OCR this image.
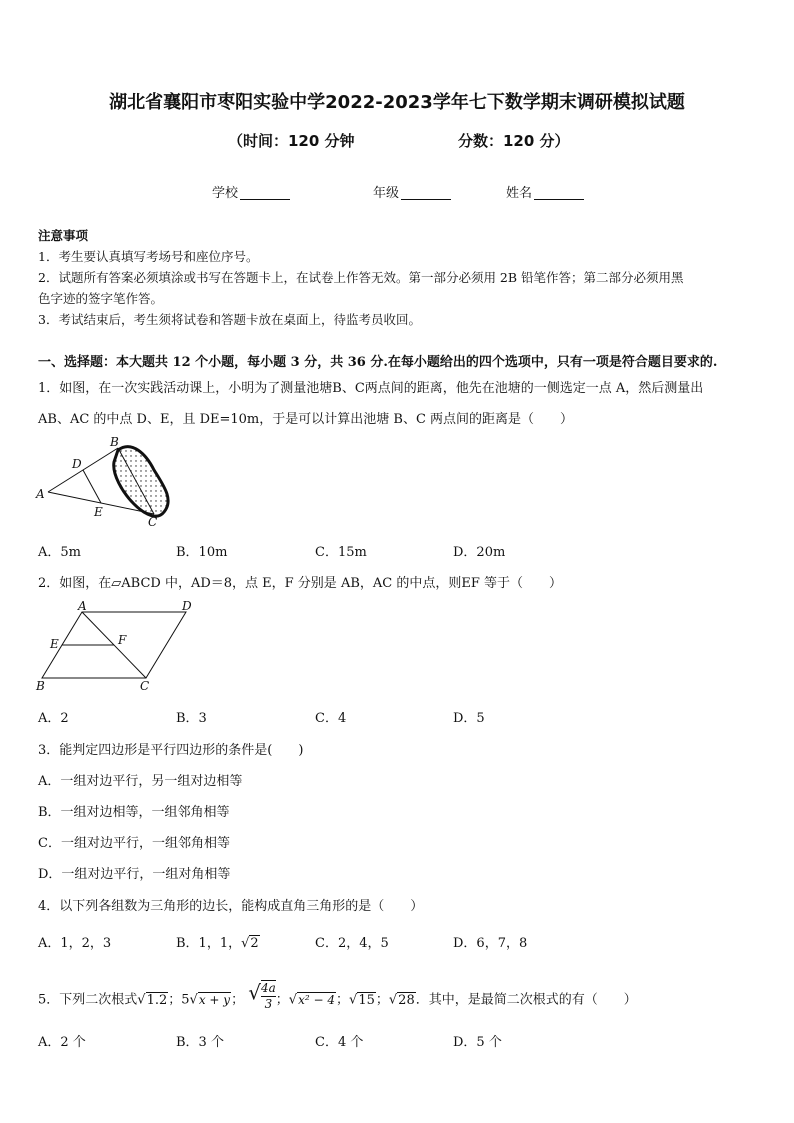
湖北省襄阳市枣阳实验中学2022-2023学年七下数学期末调研模拟试题
（时间：120 分钟	分数：120 分）
学校	年级	姓名
注意事项
1．考生要认真填写考场号和座位序号。
2．试题所有答案必须填涂或书写在答题卡上，在试卷上作答无效。第一部分必须用 2B 铅笔作答；第二部分必须用黑
色字迹的签字笔作答。
3．考试结束后，考生须将试卷和答题卡放在桌面上，待监考员收回。
一、选择题：本大题共 12 个小题，每小题 3 分，共 36 分.在每小题给出的四个选项中，只有一项是符合题目要求的.
1．如图，在一次实践活动课上，小明为了测量池塘B、C两点间的距离，他先在池塘的一侧选定一点 A，然后测量出
AB、AC 的中点 D、E，且 DE=10m，于是可以计算出池塘 B、C 两点间的距离是（　　）
A
B
C
D
E
A．5m	B．10m	C．15m	D．20m
2．如图，在▱ABCD 中，AD＝8，点 E，F 分别是 AB，AC 的中点，则EF 等于（　　）
A	D
B	C
E	F
A．2	B．3	C．4	D．5
3．能判定四边形是平行四边形的条件是(　　)
A．一组对边平行，另一组对边相等
B．一组对边相等，一组邻角相等
C．一组对边平行，一组邻角相等
D．一组对边平行，一组对角相等
4．以下列各组数为三角形的边长，能构成直角三角形的是（　　）
A．1，2，3	B．1，1，√2	C．2，4，5	D．6，7，8
5．下列二次根式√1.2；5√x + y； √ $\frac{4a}{3}$ ；√x² − 4；√15；√28．其中，是最简二次根式的有（　　）
A．2 个	B．3 个	C．4 个	D．5 个
